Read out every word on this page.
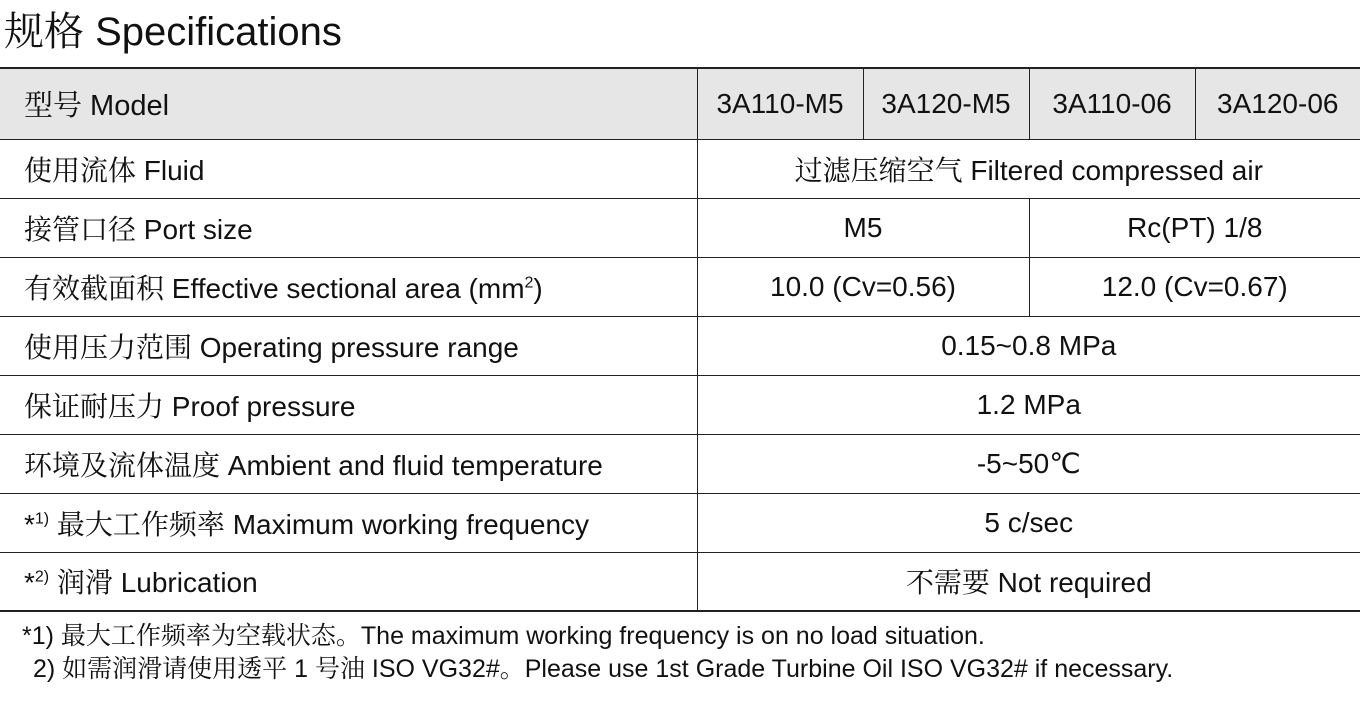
规格 Specifications
型号 Model	3A110-M5	3A120-M5	3A110-06	3A120-06
使用流体 Fluid	过滤压缩空气 Filtered compressed air			
接管口径 Port size	M5		Rc(PT) 1/8	
有效截面积 Effective sectional area $(mm^2)$	10.0 (Cv=0.56)		12.0 (Cv=0.67)	
使用压力范围 Operating pressure range	0.15~0.8 MPa			
保证耐压力 Proof pressure	1.2 MPa			
环境及流体温度 Ambient and fluid temperature	-5~50℃			
*$^{1)}$ 最大工作频率 Maximum working frequency	5 c/sec			
*$^{2)}$ 润滑 Lubrication	不需要 Not required			
*1) 最大工作频率为空载状态。The maximum working frequency is on no load situation.
2) 如需润滑请使用透平 1 号油 ISO VG32#。Please use 1st Grade Turbine Oil ISO VG32# if necessary.
